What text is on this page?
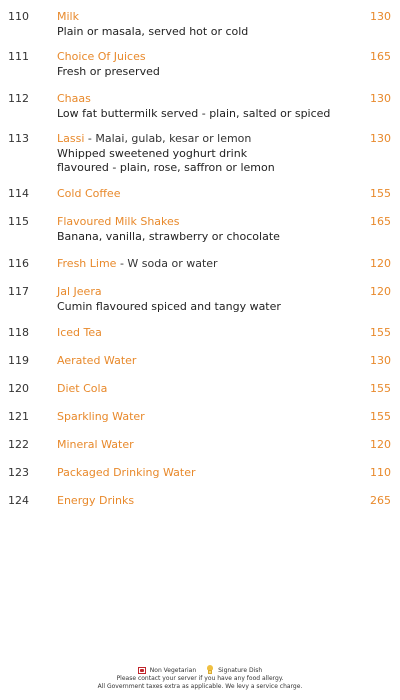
110	Milk	130
Plain or masala, served hot or cold
111	Choice Of Juices	165
Fresh or preserved
112	Chaas	130
Low fat buttermilk served - plain, salted or spiced
113	Lassi - Malai, gulab, kesar or lemon	130
Whipped sweetened yoghurt drink
flavoured - plain, rose, saffron or lemon
114	Cold Coffee	155
115	Flavoured Milk Shakes	165
Banana, vanilla, strawberry or chocolate
116	Fresh Lime - W soda or water	120
117	Jal Jeera	120
Cumin flavoured spiced and tangy water
118	Iced Tea	155
119	Aerated Water	130
120	Diet Cola	155
121	Sparkling Water	155
122	Mineral Water	120
123	Packaged Drinking Water	110
124	Energy Drinks	265
Non Vegetarian	Signature Dish
Please contact your server if you have any food allergy.
All Government taxes extra as applicable. We levy a service charge.
